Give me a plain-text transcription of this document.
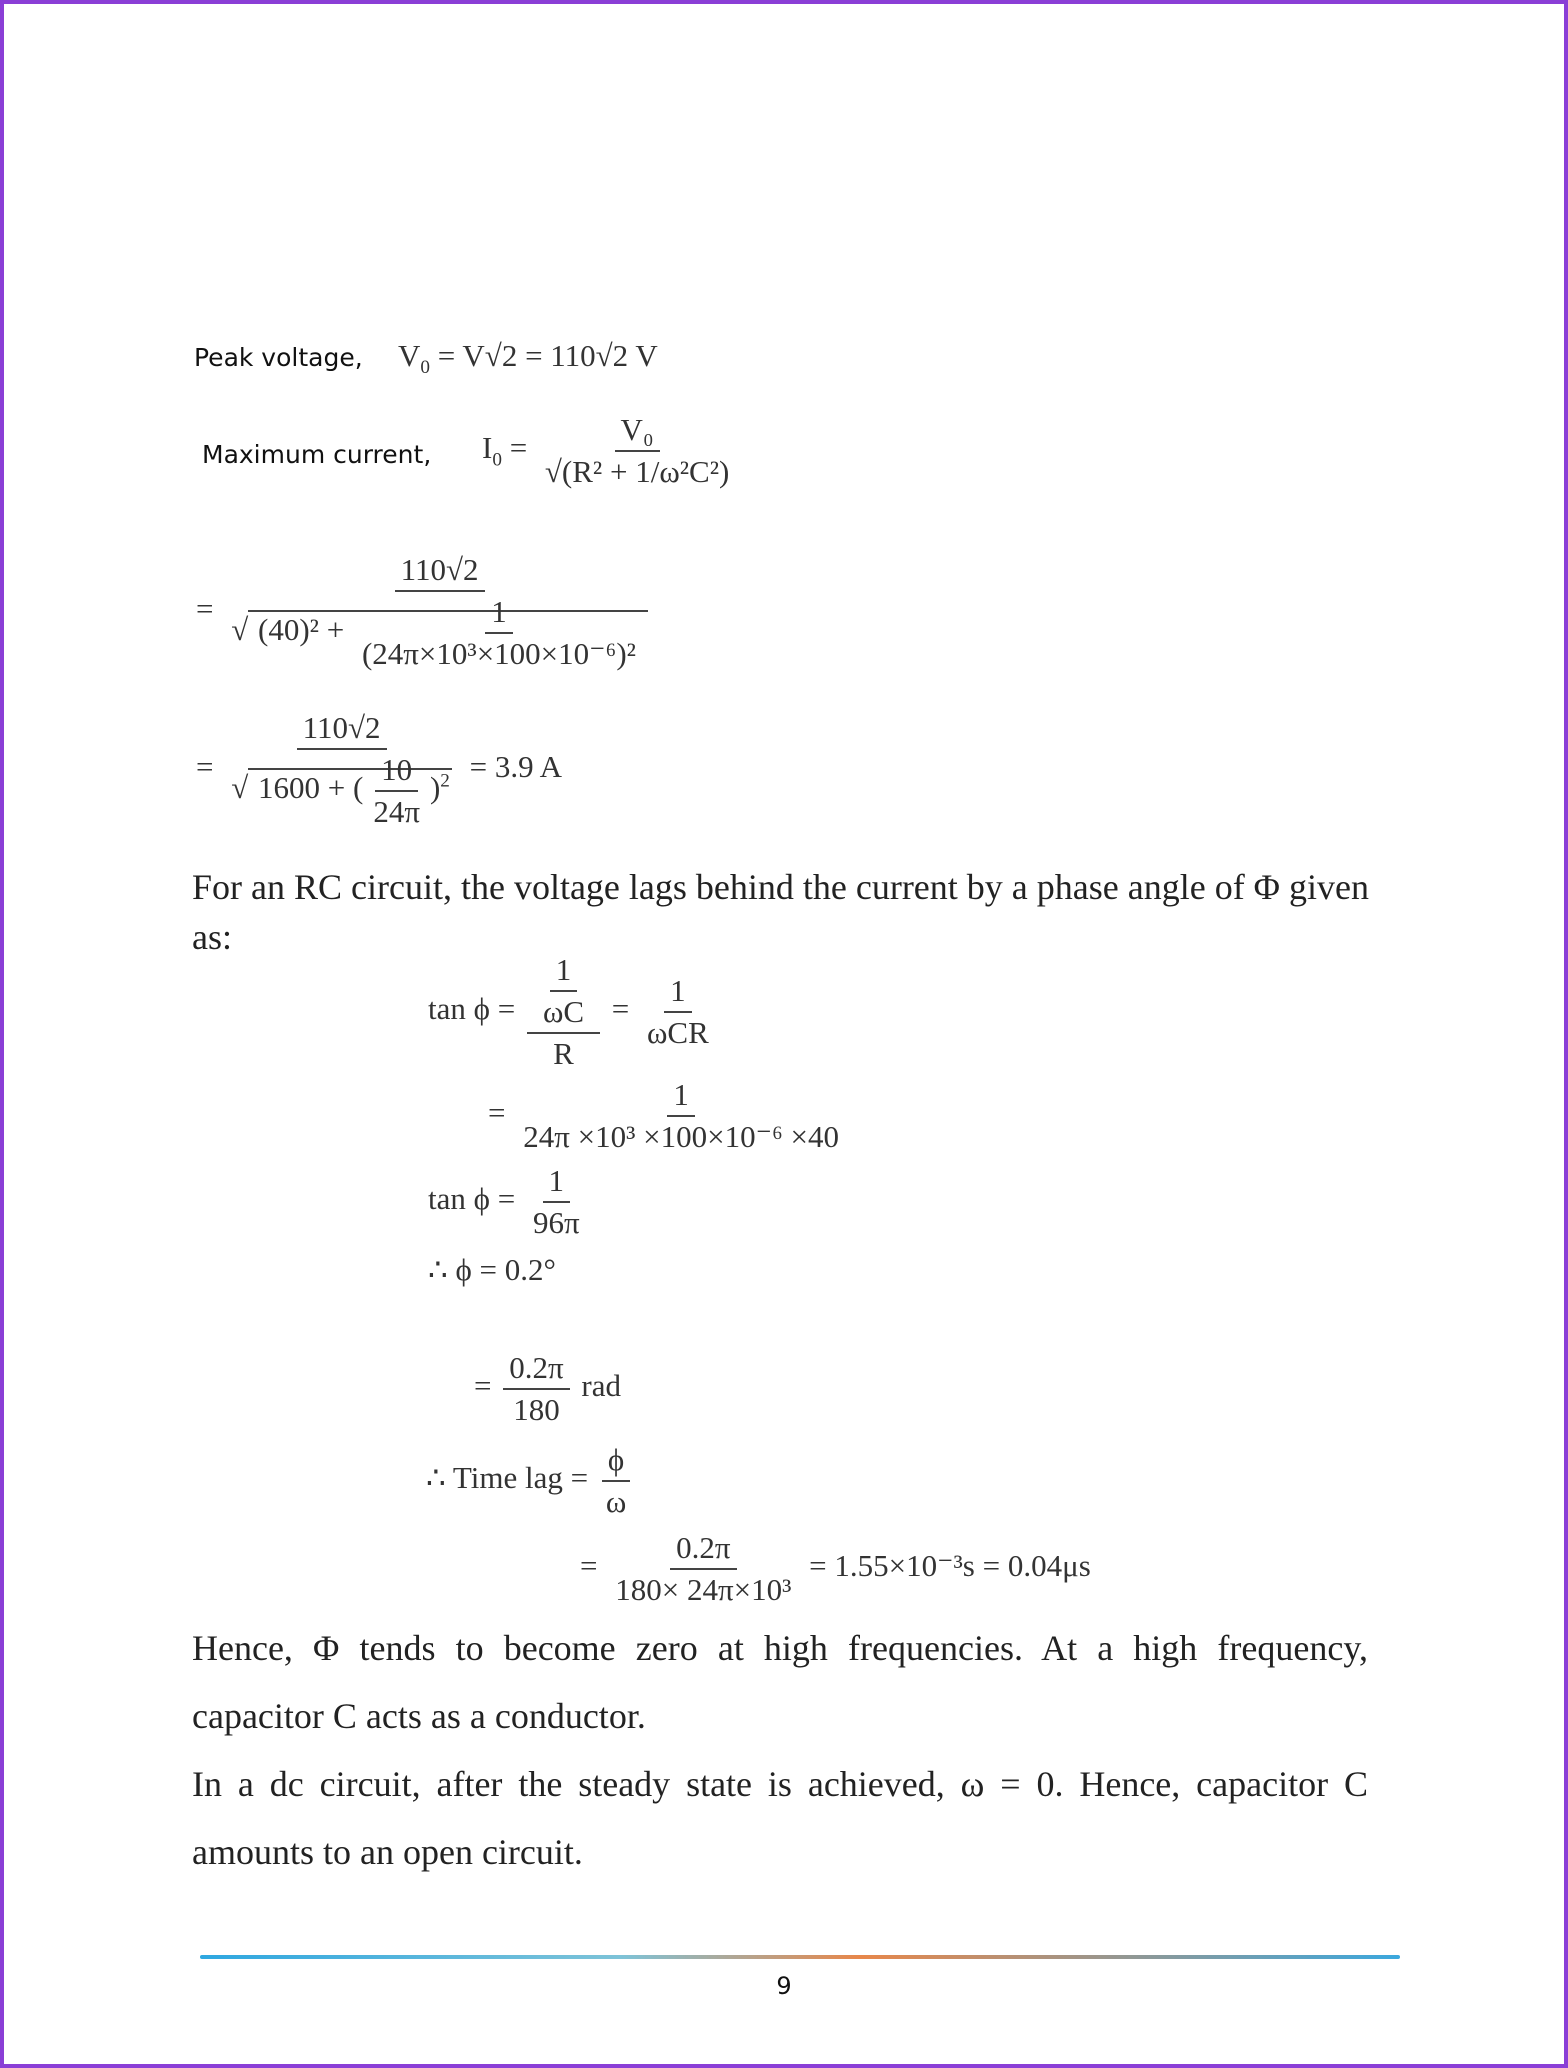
Peak voltage, $V_0 = V√2 = 110√2$ V
Maximum current, $I_0 = \frac{\text{V₀}}{\text{√(R² + 1/ω²C²)}}$
=
110√2
√ $(40)^2 + \frac{1}{\text{(24π×10³×100×10⁻⁶)²}}$
=
110√2
√ 1600 + ( $\frac{10}{24\pi} )^2 = 3.9$ A
For an RC circuit, the voltage lags behind the current by a phase angle of Φ given as:
$\tan \phi = \frac{\frac{1}{\omega C}}{R} = \frac{1}{\text{ωCR}}$
= $\frac{1}{\text{24π ×10³ ×100×10⁻⁶ ×40}}$
$\tan \phi = \frac{1}{96\pi}$
∴ ϕ = 0.2°
= $\frac{0.2\pi}{180}$ rad
∴ Time lag = $\frac{\phi}{\omega}$
= $\frac{0.2\pi}{\text{180× 24π×10³}} = 1.55\times 10^{-3}s = 0.04\mu s$
Hence, Φ tends to become zero at high frequencies. At a high frequency, capacitor C acts as a conductor.
In a dc circuit, after the steady state is achieved, ω = 0. Hence, capacitor C amounts to an open circuit.
9
